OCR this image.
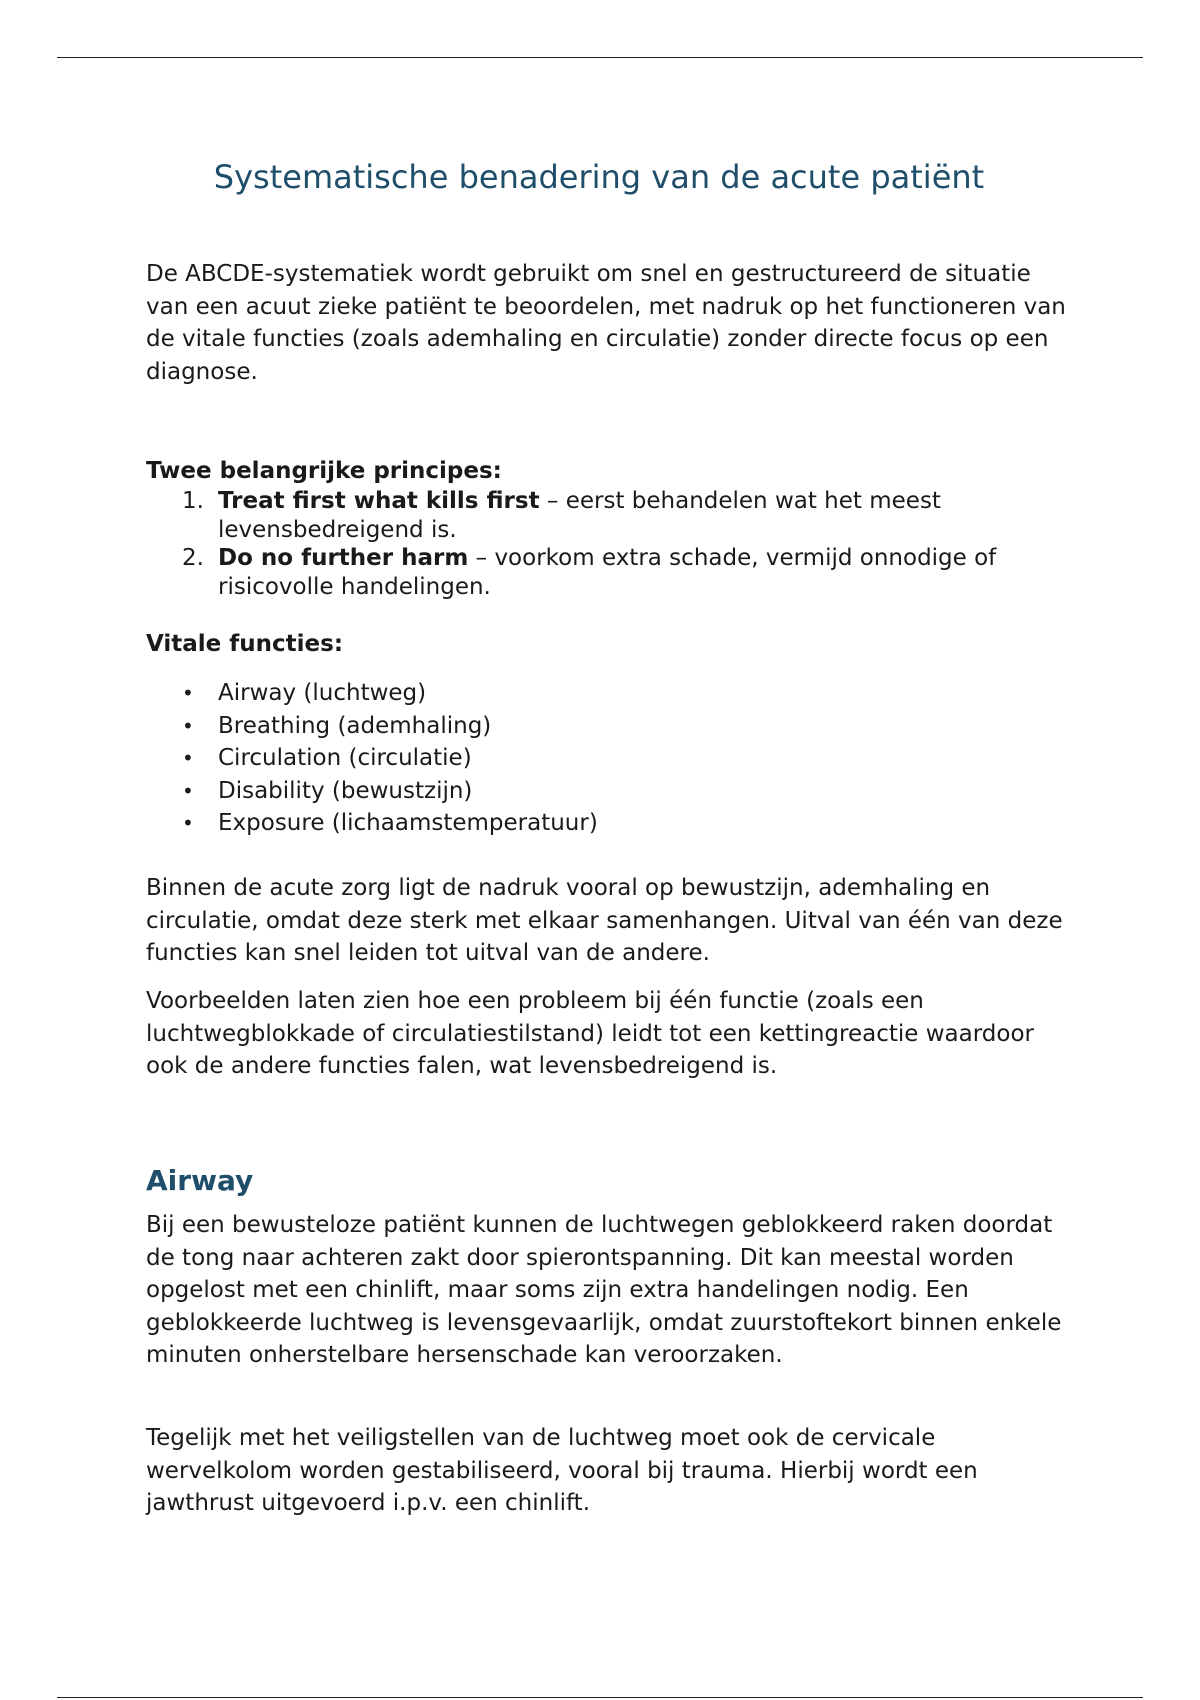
Systematische benadering van de acute patiënt

De ABCDE-systematiek wordt gebruikt om snel en gestructureerd de situatie van een acuut zieke patiënt te beoordelen, met nadruk op het functioneren van de vitale functies (zoals ademhaling en circulatie) zonder directe focus op een diagnose.

Twee belangrijke principes:

1. Treat first what kills first – eerst behandelen wat het meest levensbedreigend is.
2. Do no further harm – voorkom extra schade, vermijd onnodige of risicovolle handelingen.

Vitale functies:

• Airway (luchtweg)
• Breathing (ademhaling)
• Circulation (circulatie)
• Disability (bewustzijn)
• Exposure (lichaamstemperatuur)

Binnen de acute zorg ligt de nadruk vooral op bewustzijn, ademhaling en circulatie, omdat deze sterk met elkaar samenhangen. Uitval van één van deze functies kan snel leiden tot uitval van de andere.

Voorbeelden laten zien hoe een probleem bij één functie (zoals een luchtwegblokkade of circulatiestilstand) leidt tot een kettingreactie waardoor ook de andere functies falen, wat levensbedreigend is.

Airway

Bij een bewusteloze patiënt kunnen de luchtwegen geblokkeerd raken doordat de tong naar achteren zakt door spierontspanning. Dit kan meestal worden opgelost met een chinlift, maar soms zijn extra handelingen nodig. Een geblokkeerde luchtweg is levensgevaarlijk, omdat zuurstoftekort binnen enkele minuten onherstelbare hersenschade kan veroorzaken.

Tegelijk met het veiligstellen van de luchtweg moet ook de cervicale wervelkolom worden gestabiliseerd, vooral bij trauma. Hierbij wordt een jawthrust uitgevoerd i.p.v. een chinlift.
